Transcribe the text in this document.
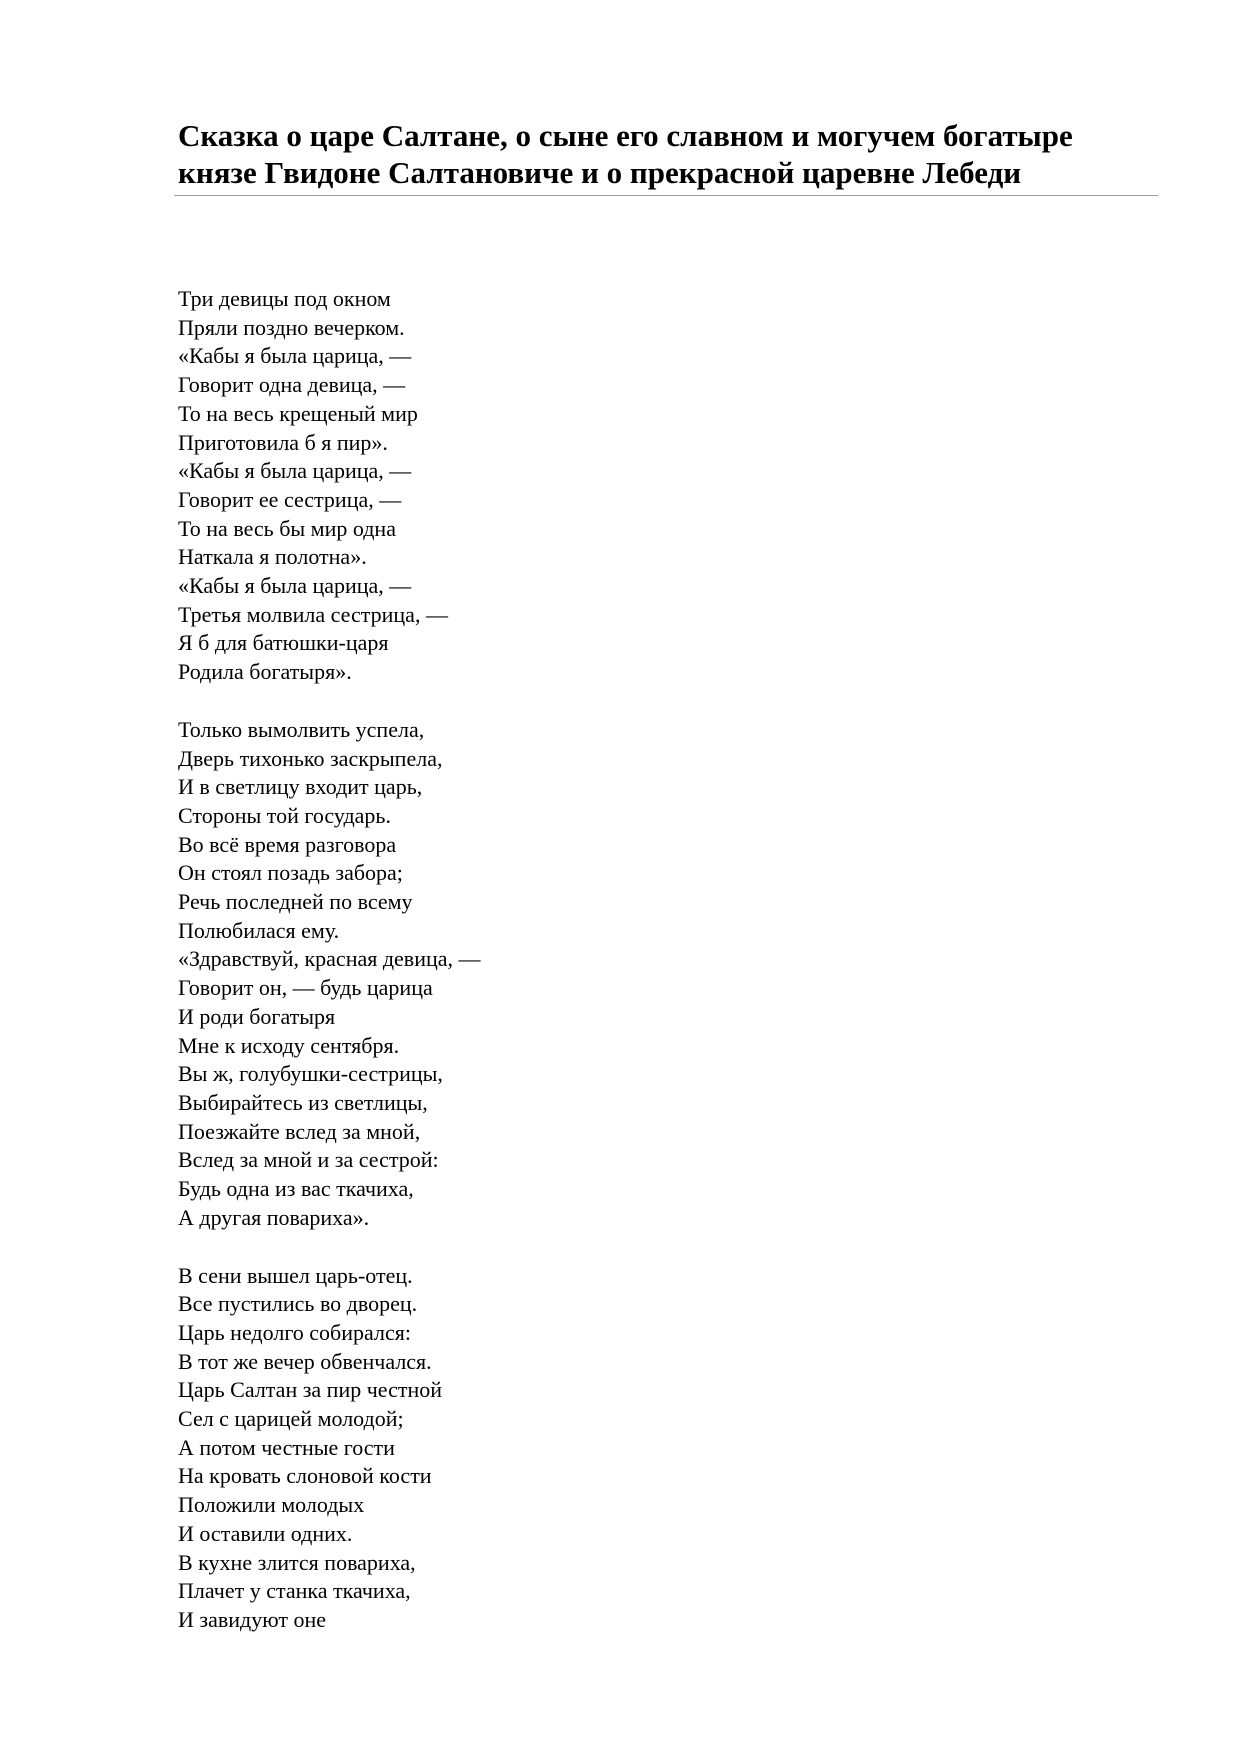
Сказка о царе Салтане, о сыне его славном и могучем богатыре
князе Гвидоне Салтановиче и о прекрасной царевне Лебеди
Три девицы под окном
Пряли поздно вечерком.
«Кабы я была царица, —
Говорит одна девица, —
То на весь крещеный мир
Приготовила б я пир».
«Кабы я была царица, —
Говорит ее сестрица, —
То на весь бы мир одна
Наткала я полотна».
«Кабы я была царица, —
Третья молвила сестрица, —
Я б для батюшки-царя
Родила богатыря».
Только вымолвить успела,
Дверь тихонько заскрыпела,
И в светлицу входит царь,
Стороны той государь.
Во всё время разговора
Он стоял позадь забора;
Речь последней по всему
Полюбилася ему.
«Здравствуй, красная девица, —
Говорит он, — будь царица
И роди богатыря
Мне к исходу сентября.
Вы ж, голубушки-сестрицы,
Выбирайтесь из светлицы,
Поезжайте вслед за мной,
Вслед за мной и за сестрой:
Будь одна из вас ткачиха,
А другая повариха».
В сени вышел царь-отец.
Все пустились во дворец.
Царь недолго собирался:
В тот же вечер обвенчался.
Царь Салтан за пир честной
Сел с царицей молодой;
А потом честные гости
На кровать слоновой кости
Положили молодых
И оставили одних.
В кухне злится повариха,
Плачет у станка ткачиха,
И завидуют оне
